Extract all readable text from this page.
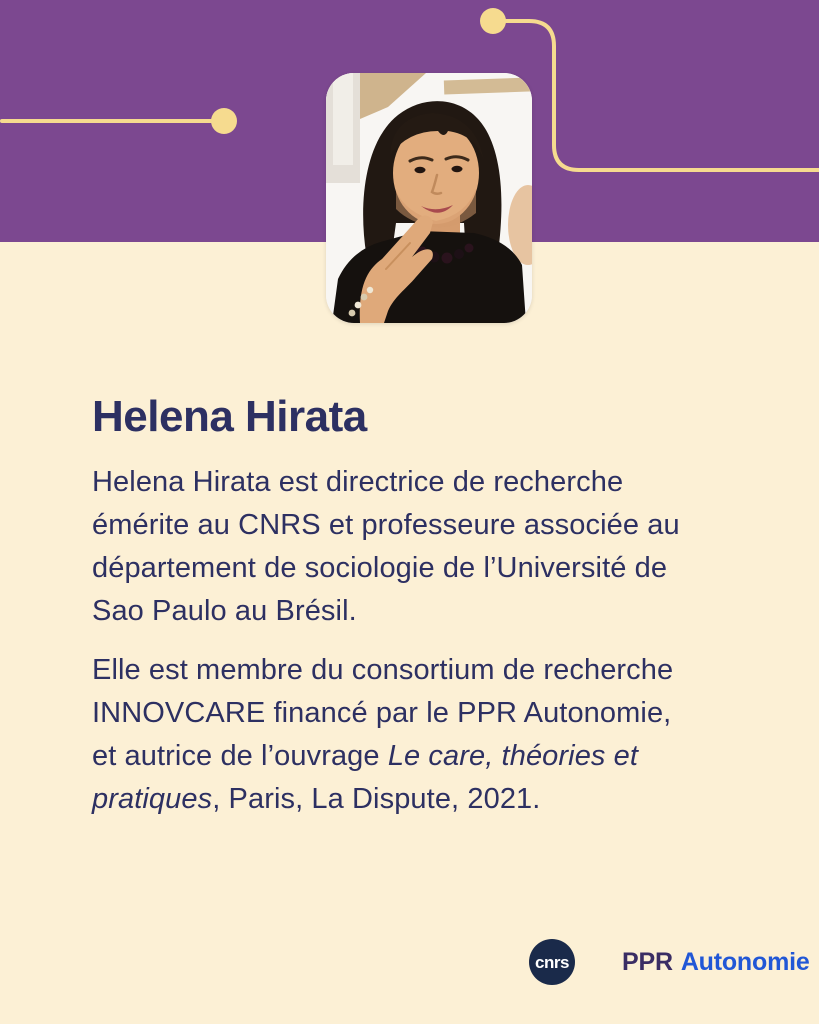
Helena Hirata
Helena Hirata est directrice de recherche
émérite au CNRS et professeure associée au
département de sociologie de l’Université de
Sao Paulo au Brésil.
Elle est membre du consortium de recherche
INNOVCARE financé par le PPR Autonomie,
et autrice de l’ouvrage Le care, théories et
pratiques, Paris, La Dispute, 2021.
cnrs PPR Autonomie
